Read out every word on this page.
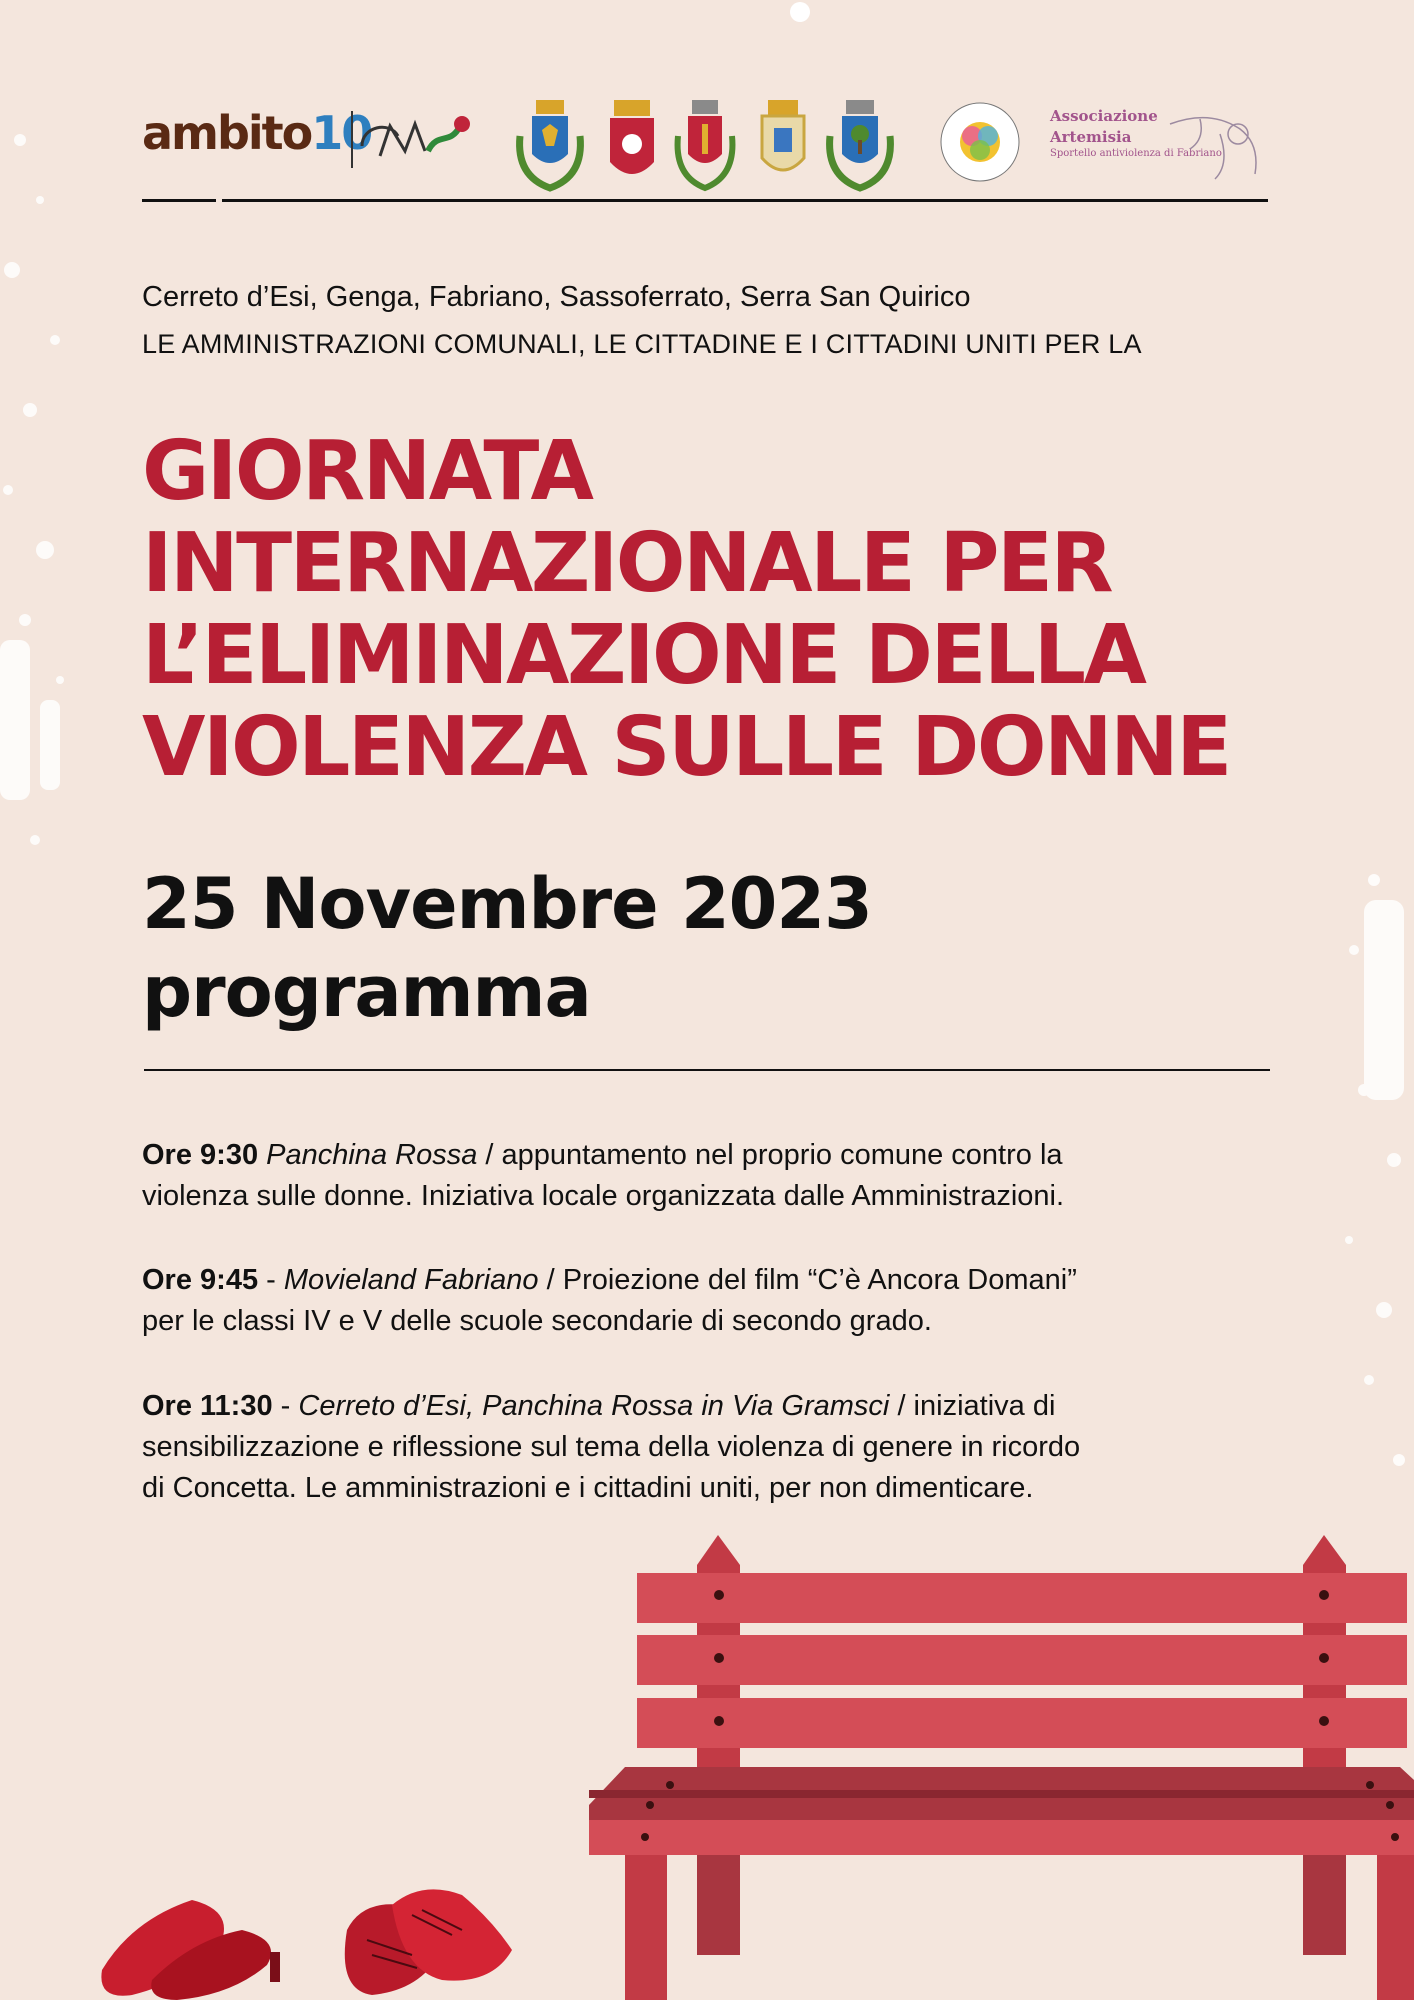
ambito10	Associazione
Artemisia
Sportello antiviolenza di Fabriano
Cerreto d’Esi, Genga, Fabriano, Sassoferrato, Serra San Quirico
LE AMMINISTRAZIONI COMUNALI, LE CITTADINE E I CITTADINI UNITI PER LA
GIORNATA
INTERNAZIONALE PER
L’ELIMINAZIONE DELLA
VIOLENZA SULLE DONNE
25 Novembre 2023
programma
Ore 9:30 Panchina Rossa / appuntamento nel proprio comune contro la
violenza sulle donne. Iniziativa locale organizzata dalle Amministrazioni.
Ore 9:45 - Movieland Fabriano / Proiezione del film “C’è Ancora Domani”
per le classi IV e V delle scuole secondarie di secondo grado.
Ore 11:30 - Cerreto d’Esi, Panchina Rossa in Via Gramsci / iniziativa di
sensibilizzazione e riflessione sul tema della violenza di genere in ricordo
di Concetta. Le amministrazioni e i cittadini uniti, per non dimenticare.
